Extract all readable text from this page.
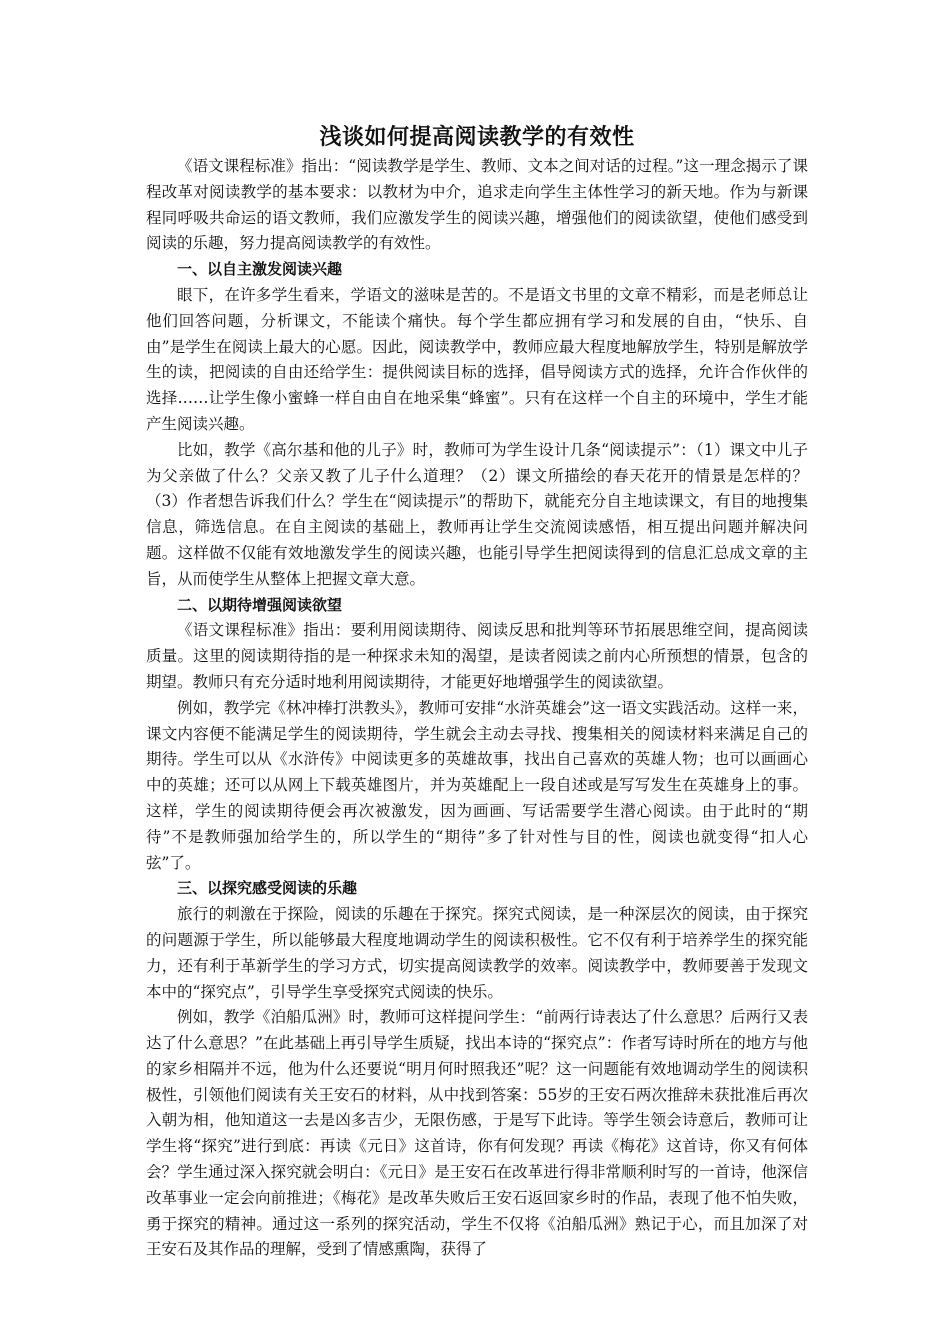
浅谈如何提高阅读教学的有效性

《语文课程标准》指出：“阅读教学是学生、教师、文本之间对话的过程。”这一理念揭示了课程改革对阅读教学的基本要求：以教材为中介，追求走向学生主体性学习的新天地。作为与新课程同呼吸共命运的语文教师，我们应激发学生的阅读兴趣，增强他们的阅读欲望，使他们感受到阅读的乐趣，努力提高阅读教学的有效性。

一、以自主激发阅读兴趣

眼下，在许多学生看来，学语文的滋味是苦的。不是语文书里的文章不精彩，而是老师总让他们回答问题，分析课文，不能读个痛快。每个学生都应拥有学习和发展的自由，“快乐、自由”是学生在阅读上最大的心愿。因此，阅读教学中，教师应最大程度地解放学生，特别是解放学生的读，把阅读的自由还给学生：提供阅读目标的选择，倡导阅读方式的选择，允许合作伙伴的选择……让学生像小蜜蜂一样自由自在地采集“蜂蜜”。只有在这样一个自主的环境中，学生才能产生阅读兴趣。

比如，教学《高尔基和他的儿子》时，教师可为学生设计几条“阅读提示”：（1）课文中儿子为父亲做了什么？父亲又教了儿子什么道理？（2）课文所描绘的春天花开的情景是怎样的？（3）作者想告诉我们什么？学生在“阅读提示”的帮助下，就能充分自主地读课文，有目的地搜集信息，筛选信息。在自主阅读的基础上，教师再让学生交流阅读感悟，相互提出问题并解决问题。这样做不仅能有效地激发学生的阅读兴趣，也能引导学生把阅读得到的信息汇总成文章的主旨，从而使学生从整体上把握文章大意。

二、以期待增强阅读欲望

《语文课程标准》指出：要利用阅读期待、阅读反思和批判等环节拓展思维空间，提高阅读质量。这里的阅读期待指的是一种探求未知的渴望，是读者阅读之前内心所预想的情景，包含的期望。教师只有充分适时地利用阅读期待，才能更好地增强学生的阅读欲望。

例如，教学完《林冲棒打洪教头》，教师可安排“水浒英雄会”这一语文实践活动。这样一来，课文内容便不能满足学生的阅读期待，学生就会主动去寻找、搜集相关的阅读材料来满足自己的期待。学生可以从《水浒传》中阅读更多的英雄故事，找出自己喜欢的英雄人物；也可以画画心中的英雄；还可以从网上下载英雄图片，并为英雄配上一段自述或是写写发生在英雄身上的事。这样，学生的阅读期待便会再次被激发，因为画画、写话需要学生潜心阅读。由于此时的“期待”不是教师强加给学生的，所以学生的“期待”多了针对性与目的性，阅读也就变得“扣人心弦”了。

三、以探究感受阅读的乐趣

旅行的刺激在于探险，阅读的乐趣在于探究。探究式阅读，是一种深层次的阅读，由于探究的问题源于学生，所以能够最大程度地调动学生的阅读积极性。它不仅有利于培养学生的探究能力，还有利于革新学生的学习方式，切实提高阅读教学的效率。阅读教学中，教师要善于发现文本中的“探究点”，引导学生享受探究式阅读的快乐。

例如，教学《泊船瓜洲》时，教师可这样提问学生：“前两行诗表达了什么意思？后两行又表达了什么意思？”在此基础上再引导学生质疑，找出本诗的“探究点”：作者写诗时所在的地方与他的家乡相隔并不远，他为什么还要说“明月何时照我还”呢？这一问题能有效地调动学生的阅读积极性，引领他们阅读有关王安石的材料，从中找到答案：55岁的王安石两次推辞未获批准后再次入朝为相，他知道这一去是凶多吉少，无限伤感，于是写下此诗。等学生领会诗意后，教师可让学生将“探究”进行到底：再读《元日》这首诗，你有何发现？再读《梅花》这首诗，你又有何体会？学生通过深入探究就会明白：《元日》是王安石在改革进行得非常顺利时写的一首诗，他深信改革事业一定会向前推进；《梅花》是改革失败后王安石返回家乡时的作品，表现了他不怕失败，勇于探究的精神。通过这一系列的探究活动，学生不仅将《泊船瓜洲》熟记于心，而且加深了对王安石及其作品的理解，受到了情感熏陶，获得了
